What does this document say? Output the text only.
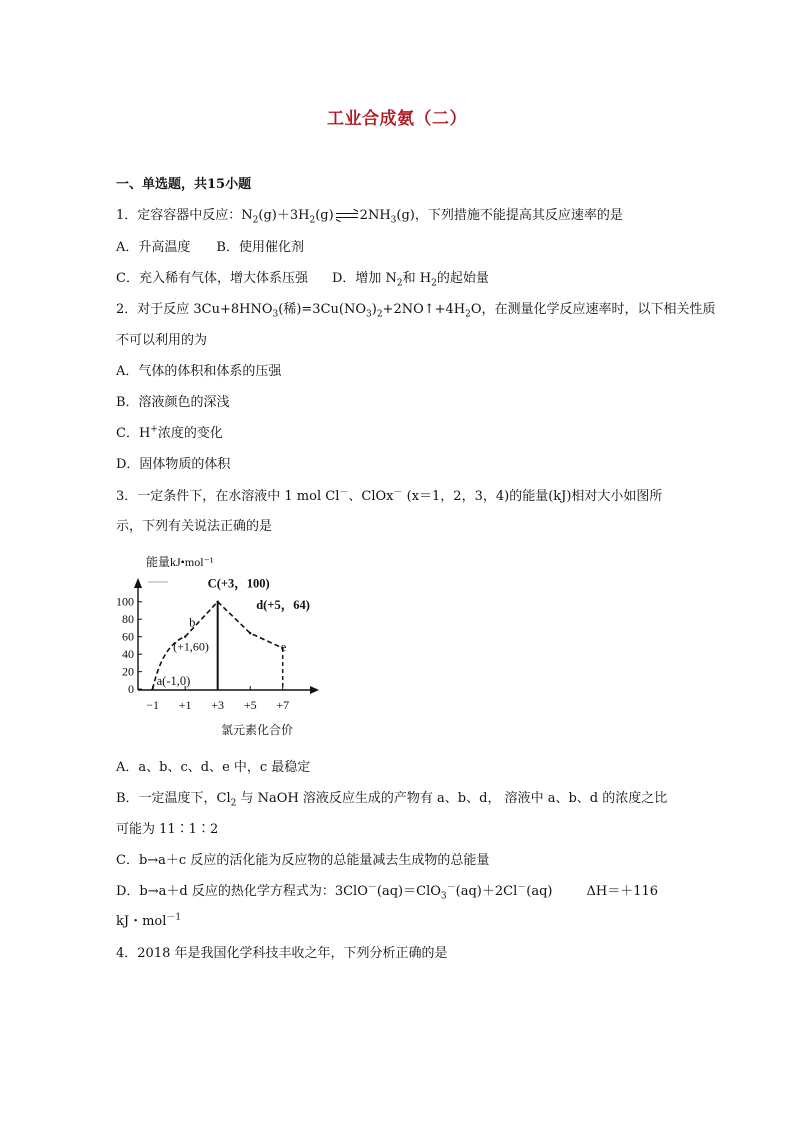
工业合成氨（二）
一、单选题，共15小题
1．定容容器中反应：$N_2(g)+3H_2(g)$ ⇌ $2NH_3(g)$，下列措施不能提高其反应速率的是
A．升高温度 B．使用催化剂
C．充入稀有气体，增大体系压强 D．增加 $N_2$和 $H_2$的起始量
2．对于反应 $3Cu+8HNO_3$(稀)$=3Cu(NO_3)_2+2NO↑+4H_2O$，在测量化学反应速率时，以下相关性质
不可以利用的为
A．气体的体积和体系的压强
B．溶液颜色的深浅
C．H+浓度的变化
D．固体物质的体积
3．一定条件下，在水溶液中 1 mol Cl－、ClOx－ (x＝1，2，3，4)的能量(kJ)相对大小如图所
示，下列有关说法正确的是
能量kJ•mol⁻¹
100
80
60
40
20
0
−1 +1 +3 +5 +7
a(-1,0)
b
(+1,60)
C(+3，100)
d(+5，64)
e
氯元素化合价
A．a、b、c、d、e 中，c 最稳定
B．一定温度下，$Cl_2$ 与 NaOH 溶液反应生成的产物有 a、b、d， 溶液中 a、b、d 的浓度之比
可能为 11∶1∶2
C．b→a＋c 反应的活化能为反应物的总能量减去生成物的总能量
D．b→a＋d 反应的热化学方程式为：3ClO－(aq)＝ClO$_3$－(aq)＋2Cl－(aq)	ΔH＝＋116
kJ・mol$^{-1}$
4．2018 年是我国化学科技丰收之年，下列分析正确的是
